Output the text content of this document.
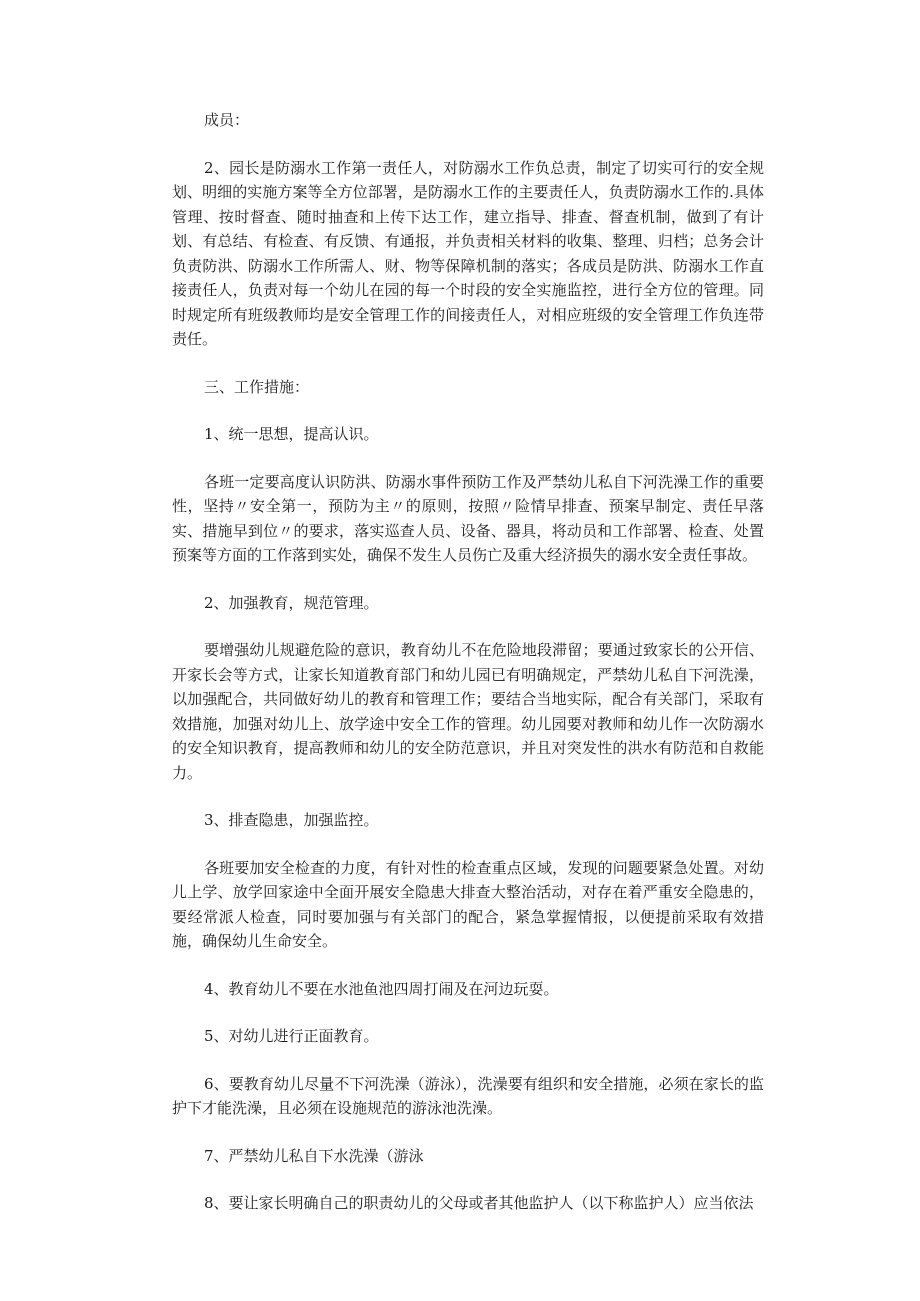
成员：

2、园长是防溺水工作第一责任人，对防溺水工作负总责，制定了切实可行的安全规划、明细的实施方案等全方位部署，是防溺水工作的主要责任人，负责防溺水工作的.具体管理、按时督查、随时抽查和上传下达工作，建立指导、排查、督查机制，做到了有计划、有总结、有检查、有反馈、有通报，并负责相关材料的收集、整理、归档；总务会计负责防洪、防溺水工作所需人、财、物等保障机制的落实；各成员是防洪、防溺水工作直接责任人，负责对每一个幼儿在园的每一个时段的安全实施监控，进行全方位的管理。同时规定所有班级教师均是安全管理工作的间接责任人，对相应班级的安全管理工作负连带责任。

三、工作措施：

1、统一思想，提高认识。

各班一定要高度认识防洪、防溺水事件预防工作及严禁幼儿私自下河洗澡工作的重要性，坚持〃安全第一，预防为主〃的原则，按照〃险情早排查、预案早制定、责任早落实、措施早到位〃的要求，落实巡查人员、设备、器具，将动员和工作部署、检查、处置预案等方面的工作落到实处，确保不发生人员伤亡及重大经济损失的溺水安全责任事故。

2、加强教育，规范管理。

要增强幼儿规避危险的意识，教育幼儿不在危险地段滞留；要通过致家长的公开信、开家长会等方式，让家长知道教育部门和幼儿园已有明确规定，严禁幼儿私自下河洗澡，以加强配合，共同做好幼儿的教育和管理工作；要结合当地实际，配合有关部门，采取有效措施，加强对幼儿上、放学途中安全工作的管理。幼儿园要对教师和幼儿作一次防溺水的安全知识教育，提高教师和幼儿的安全防范意识，并且对突发性的洪水有防范和自救能力。

3、排查隐患，加强监控。

各班要加安全检查的力度，有针对性的检查重点区域，发现的问题要紧急处置。对幼儿上学、放学回家途中全面开展安全隐患大排查大整治活动，对存在着严重安全隐患的，要经常派人检查，同时要加强与有关部门的配合，紧急掌握情报，以便提前采取有效措施，确保幼儿生命安全。

4、教育幼儿不要在水池鱼池四周打闹及在河边玩耍。

5、对幼儿进行正面教育。

6、要教育幼儿尽量不下河洗澡（游泳），洗澡要有组织和安全措施，必须在家长的监护下才能洗澡，且必须在设施规范的游泳池洗澡。

7、严禁幼儿私自下水洗澡（游泳

8、要让家长明确自己的职责幼儿的父母或者其他监护人（以下称监护人）应当依法
